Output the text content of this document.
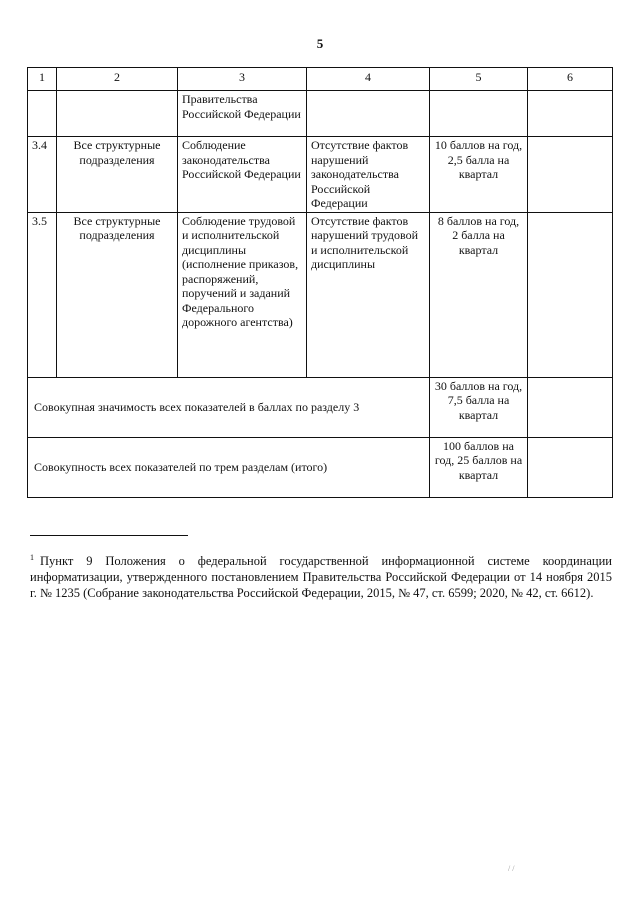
5
1	2	3	4	5	6
		Правительства Российской Федерации			
3.4	Все структурные подразделения	Соблюдение законодательства Российской Федерации	Отсутствие фактов нарушений законодательства Российской Федерации	10 баллов на год, 2,5 балла на квартал	
3.5	Все структурные подразделения	Соблюдение трудовой и исполнительской дисциплины (исполнение приказов, распоряжений, поручений и заданий Федерального дорожного агентства)	Отсутствие фактов нарушений трудовой и исполнительской дисциплины	8 баллов на год, 2 балла на квартал	
Совокупная значимость всех показателей в баллах по разделу 3				30 баллов на год, 7,5 балла на квартал	
Совокупность всех показателей по трем разделам (итого)				100 баллов на год, 25 баллов на квартал	
$^1$ Пункт 9 Положения о федеральной государственной информационной системе координации информатизации, утвержденного постановлением Правительства Российской Федерации от 14 ноября 2015 г. № 1235 (Собрание законодательства Российской Федерации, 2015, № 47, ст. 6599; 2020, № 42, ст. 6612).
/ /
